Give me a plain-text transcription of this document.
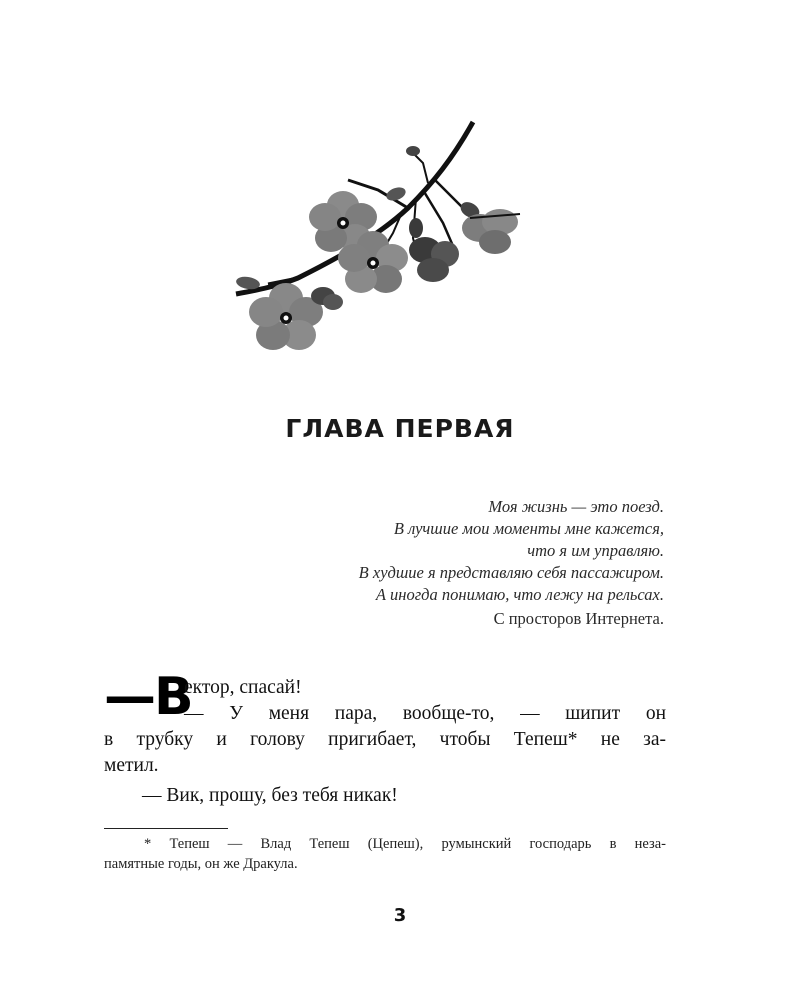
ГЛАВА ПЕРВАЯ
Моя жизнь — это поезд.
В лучшие мои моменты мне кажется,
что я им управляю.
В худшие я представляю себя пассажиром.
А иногда понимаю, что лежу на рельсах.
С просторов Интернета.
—В
ектор, спасай!
— У меня пара, вообще-то, — шипит он
в трубку и голову пригибает, чтобы Тепеш* не за-
метил.
— Вик, прошу, без тебя никак!
* Тепеш — Влад Тепеш (Цепеш), румынский господарь в неза-
памятные годы, он же Дракула.
3
